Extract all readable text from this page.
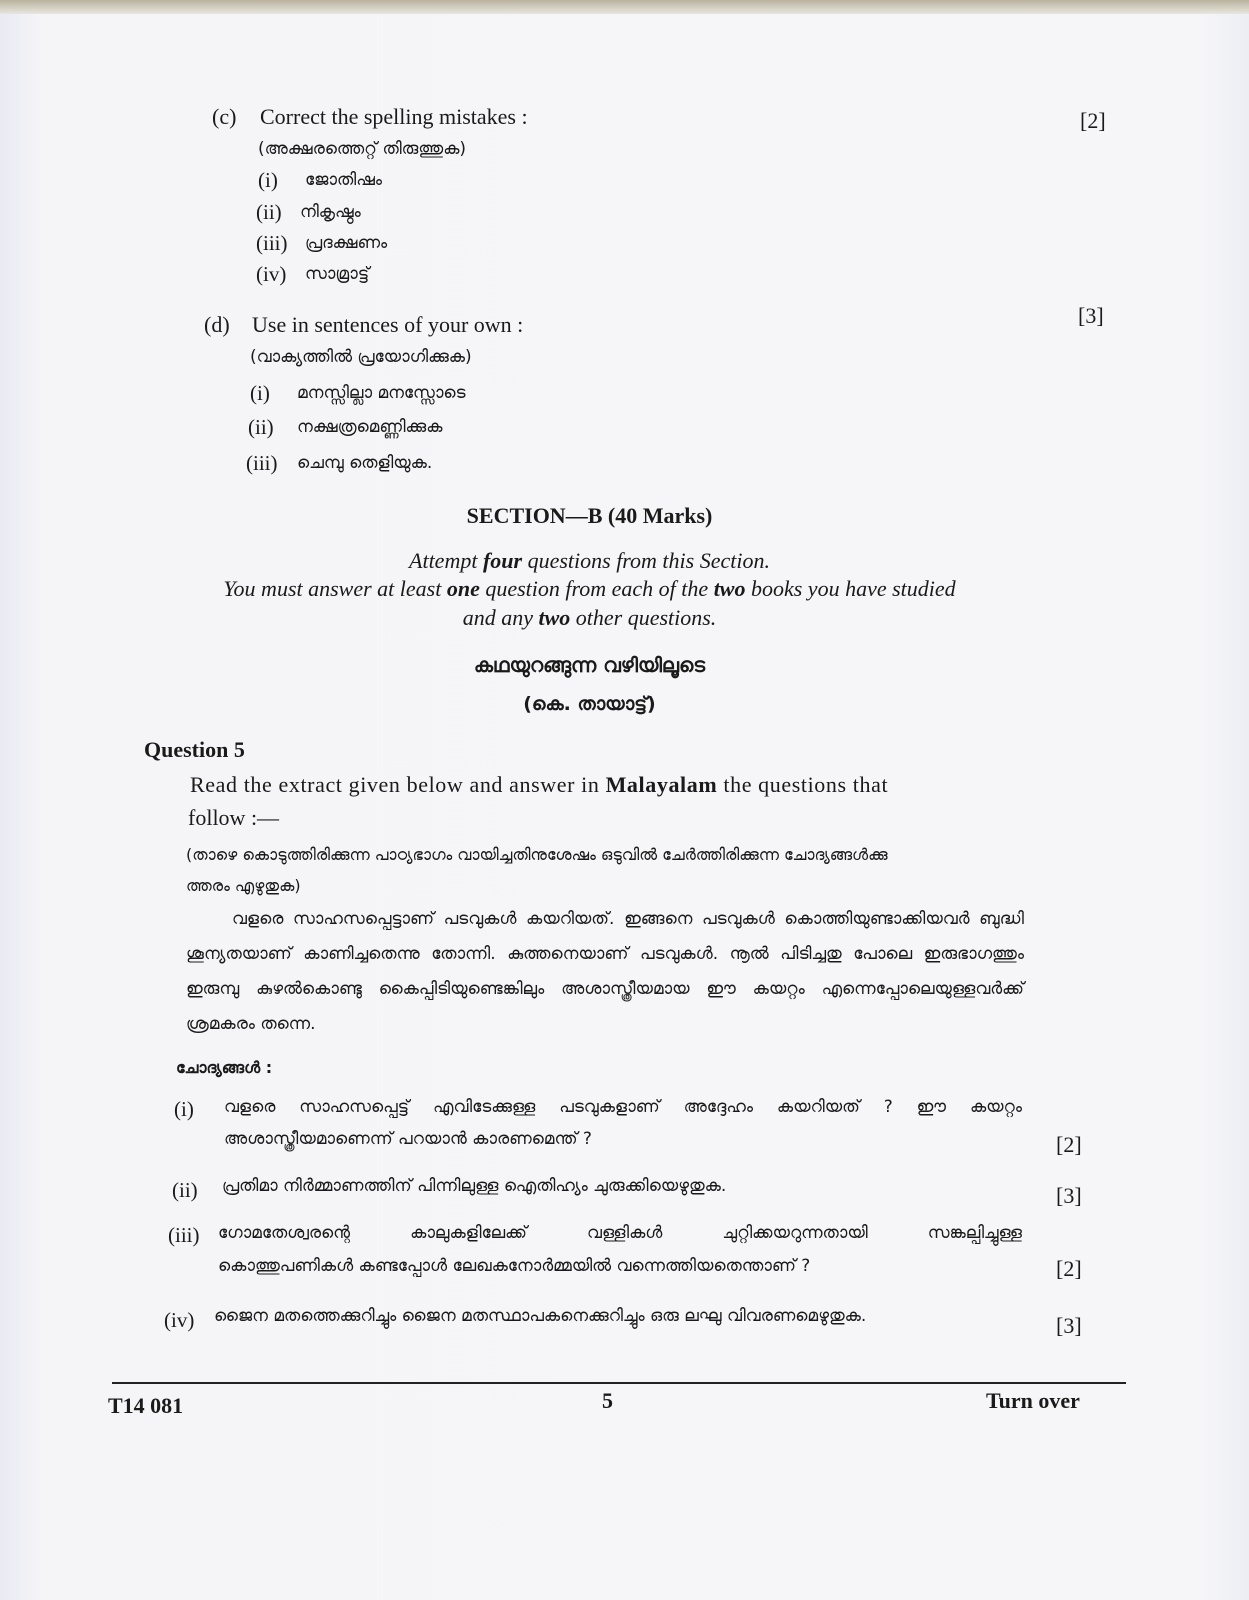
(c) Correct the spelling mistakes :	[2]
(അക്ഷരത്തെറ്റ് തിരുത്തുക)
(i) ജോതിഷം
(ii) നികൃഷ്ഠം
(iii) പ്രദക്ഷണം
(iv) സാമ്രാട്ട്
(d) Use in sentences of your own :	[3]
(വാക്യത്തിൽ പ്രയോഗിക്കുക)
(i) മനസ്സില്ലാ മനസ്സോടെ
(ii) നക്ഷത്രമെണ്ണിക്കുക
(iii) ചെമ്പു തെളിയുക.
SECTION—B (40 Marks)
Attempt four questions from this Section.
You must answer at least one question from each of the two books you have studied
and any two other questions.
കഥയുറങ്ങുന്ന വഴിയിലൂടെ
(കെ. തായാട്ട്)
Question 5
Read the extract given below and answer in Malayalam the questions that
follow :—
(താഴെ കൊടുത്തിരിക്കുന്ന പാഠ്യഭാഗം വായിച്ചതിനുശേഷം ഒടുവിൽ ചേർത്തിരിക്കുന്ന ചോദ്യങ്ങൾക്കു
ത്തരം എഴുതുക)
വളരെ സാഹസപ്പെട്ടാണ് പടവുകൾ കയറിയത്. ഇങ്ങനെ പടവുകൾ കൊത്തിയുണ്ടാക്കിയവർ ബുദ്ധി ശൂന്യതയാണ് കാണിച്ചതെന്നു തോന്നി. കുത്തനെയാണ് പടവുകൾ. നൂൽ പിടിച്ചതു പോലെ ഇരുഭാഗത്തും ഇരുമ്പു കുഴൽകൊണ്ടു കൈപ്പിടിയുണ്ടെങ്കിലും അശാസ്ത്രീയമായ ഈ കയറ്റം എന്നെപ്പോലെയുള്ളവർക്ക് ശ്രമകരം തന്നെ.
ചോദ്യങ്ങൾ :
(i) വളരെ സാഹസപ്പെട്ട് എവിടേക്കുള്ള പടവുകളാണ് അദ്ദേഹം കയറിയത് ? ഈ കയറ്റം
അശാസ്ത്രീയമാണെന്ന് പറയാൻ കാരണമെന്ത് ?	[2]
(ii) പ്രതിമാ നിർമ്മാണത്തിന് പിന്നിലുള്ള ഐതിഹ്യം ചുരുക്കിയെഴുതുക.	[3]
(iii) ഗോമതേശ്വരന്റെ കാലുകളിലേക്ക് വള്ളികൾ ചുറ്റിക്കയറുന്നതായി സങ്കല്പിച്ചുള്ള
കൊത്തുപണികൾ കണ്ടപ്പോൾ ലേഖകനോർമ്മയിൽ വന്നെത്തിയതെന്താണ് ?	[2]
(iv) ജൈന മതത്തെക്കുറിച്ചും ജൈന മതസ്ഥാപകനെക്കുറിച്ചും ഒരു ലഘു വിവരണമെഴുതുക.	[3]
T14 081	5	Turn over
